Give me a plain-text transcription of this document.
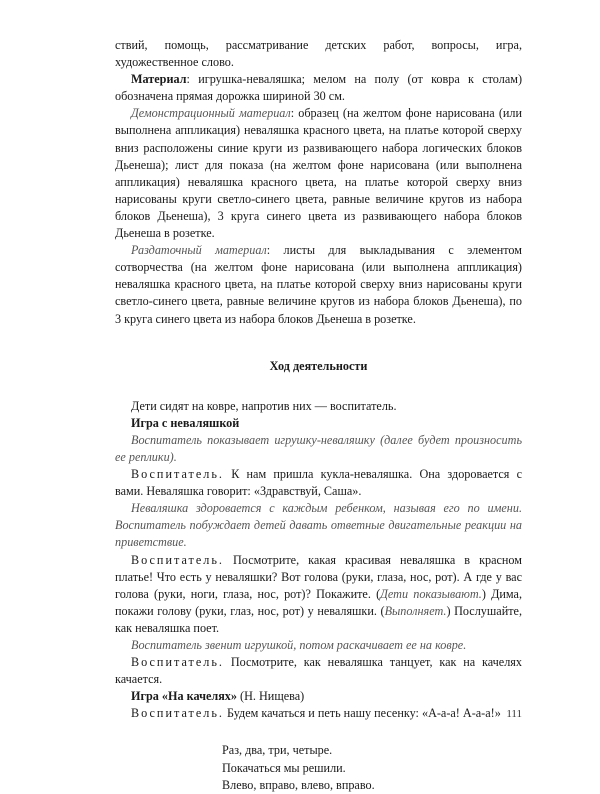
ствий, помощь, рассматривание детских работ, вопросы, игра, художественное слово.

Материал: игрушка-неваляшка; мелом на полу (от ковра к столам) обозначена прямая дорожка шириной 30 см.

Демонстрационный материал: образец (на желтом фоне нарисована (или выполнена аппликация) неваляшка красного цвета, на платье которой сверху вниз расположены синие круги из развивающего набора логических блоков Дьенеша); лист для показа (на желтом фоне нарисована (или выполнена аппликация) неваляшка красного цвета, на платье которой сверху вниз нарисованы круги светло-синего цвета, равные величине кругов из набора блоков Дьенеша), 3 круга синего цвета из развивающего набора блоков Дьенеша в розетке.

Раздаточный материал: листы для выкладывания с элементом сотворчества (на желтом фоне нарисована (или выполнена аппликация) неваляшка красного цвета, на платье которой сверху вниз нарисованы круги светло-синего цвета, равные величине кругов из набора блоков Дьенеша), по 3 круга синего цвета из набора блоков Дьенеша в розетке.

Ход деятельности

Дети сидят на ковре, напротив них — воспитатель.

Игра с неваляшкой

Воспитатель показывает игрушку-неваляшку (далее будет произносить ее реплики).

Воспитатель. К нам пришла кукла-неваляшка. Она здоровается с вами. Неваляшка говорит: «Здравствуй, Саша».

Неваляшка здоровается с каждым ребенком, называя его по имени. Воспитатель побуждает детей давать ответные двигательные реакции на приветствие.

Воспитатель. Посмотрите, какая красивая неваляшка в красном платье! Что есть у неваляшки? Вот голова (руки, глаза, нос, рот). А где у вас голова (руки, ноги, глаза, нос, рот)? Покажите. (Дети показывают.) Дима, покажи голову (руки, глаз, нос, рот) у неваляшки. (Выполняет.) Послушайте, как неваляшка поет.

Воспитатель звенит игрушкой, потом раскачивает ее на ковре.

Воспитатель. Посмотрите, как неваляшка танцует, как на качелях качается.

Игра «На качелях» (Н. Нищева)

Воспитатель. Будем качаться и петь нашу песенку: «А-а-а! А-а-а!»

Раз, два, три, четыре.

Покачаться мы решили.

Влево, вправо, влево, вправо.

111
